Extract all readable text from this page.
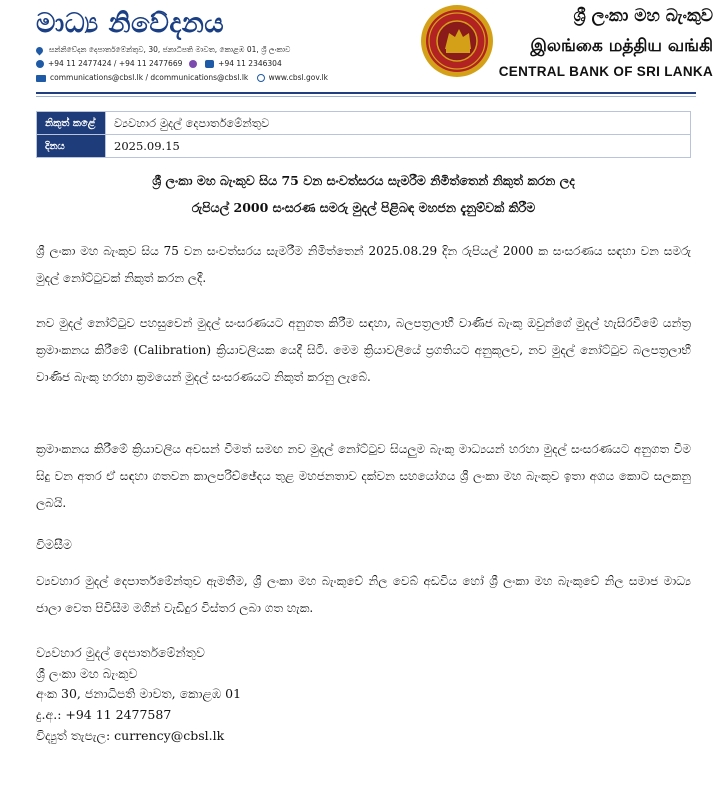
මාධ්‍ය නිවේදනය
සන්නිවේදන දෙපාර්තමේන්තුව, 30, ජනාධිපති මාවත, කොළඹ 01, ශ්‍රී ලංකාව
+94 11 2477424 / +94 11 2477669	+94 11 2346304
communications@cbsl.lk / dcommunications@cbsl.lk	www.cbsl.gov.lk
ශ්‍රී ලංකා මහ බැංකුව
இலங்கை மத்திய வங்கி
CENTRAL BANK OF SRI LANKA
නිකුත් කළේ	ව්‍යවහාර මුදල් දෙපාර්තමේන්තුව
දිනය	2025.09.15
ශ්‍රී ලංකා මහ බැංකුව සිය 75 වන සංවත්සරය සැමරීම නිමිත්තෙන් නිකුත් කරන ලද
රුපියල් 2000 සංසරණ සමරු මුදල් පිළිබඳ මහජන දැනුම්වක් කිරීම
ශ්‍රී ලංකා මහ බැංකුව සිය 75 වන සංවත්සරය සැමරීම නිමිත්තෙන් 2025.08.29 දින රුපියල් 2000 ක සංසරණය සඳහා වන සමරු මුදල් නෝට්ටුවක් නිකුත් කරන ලදී.
නව මුදල් නෝට්ටුව පහසුවෙන් මුදල් සංසරණයට අනුගත කිරීම සඳහා, බලපත්‍රලාභී වාණිජ බැංකු ඔවුන්ගේ මුදල් හැසිරවීමේ යන්ත්‍ර ක්‍රමාංකනය කිරීමේ (Calibration) ක්‍රියාවලියක යෙදී සිටී. මෙම ක්‍රියාවලියේ ප්‍රගතියට අනුකූලව, නව මුදල් නෝට්ටුව බලපත්‍රලාභී වාණිජ බැංකු හරහා ක්‍රමයෙන් මුදල් සංසරණයට නිකුත් කරනු ලැබේ.
ක්‍රමාංකනය කිරීමේ ක්‍රියාවලිය අවසන් වීමත් සමඟ නව මුදල් නෝට්ටුව සියලුම බැංකු මාධ්‍යයන් හරහා මුදල් සංසරණයට අනුගත වීම සිදු වන අතර ඒ සඳහා ගතවන කාලපරිච්ඡේදය තුළ මහජනතාව දක්වන සහයෝගය ශ්‍රී ලංකා මහ බැංකුව ඉතා අගය කොට සලකනු ලබයි.
විමසීම
ව්‍යවහාර මුදල් දෙපාර්තමේන්තුව ඇමතීම, ශ්‍රී ලංකා මහ බැංකුවේ නිල වෙබ් අඩවිය හෝ ශ්‍රී ලංකා මහ බැංකුවේ නිල සමාජ මාධ්‍ය ජාලා වෙත පිවිසීම මගින් වැඩිදුර විස්තර ලබා ගත හැක.
ව්‍යවහාර මුදල් දෙපාර්තමේන්තුව
ශ්‍රී ලංකා මහ බැංකුව
අංක 30, ජනාධිපති මාවත, කොළඹ 01
දු.අ.: +94 11 2477587
විද්‍යුත් තැපැල: currency@cbsl.lk
